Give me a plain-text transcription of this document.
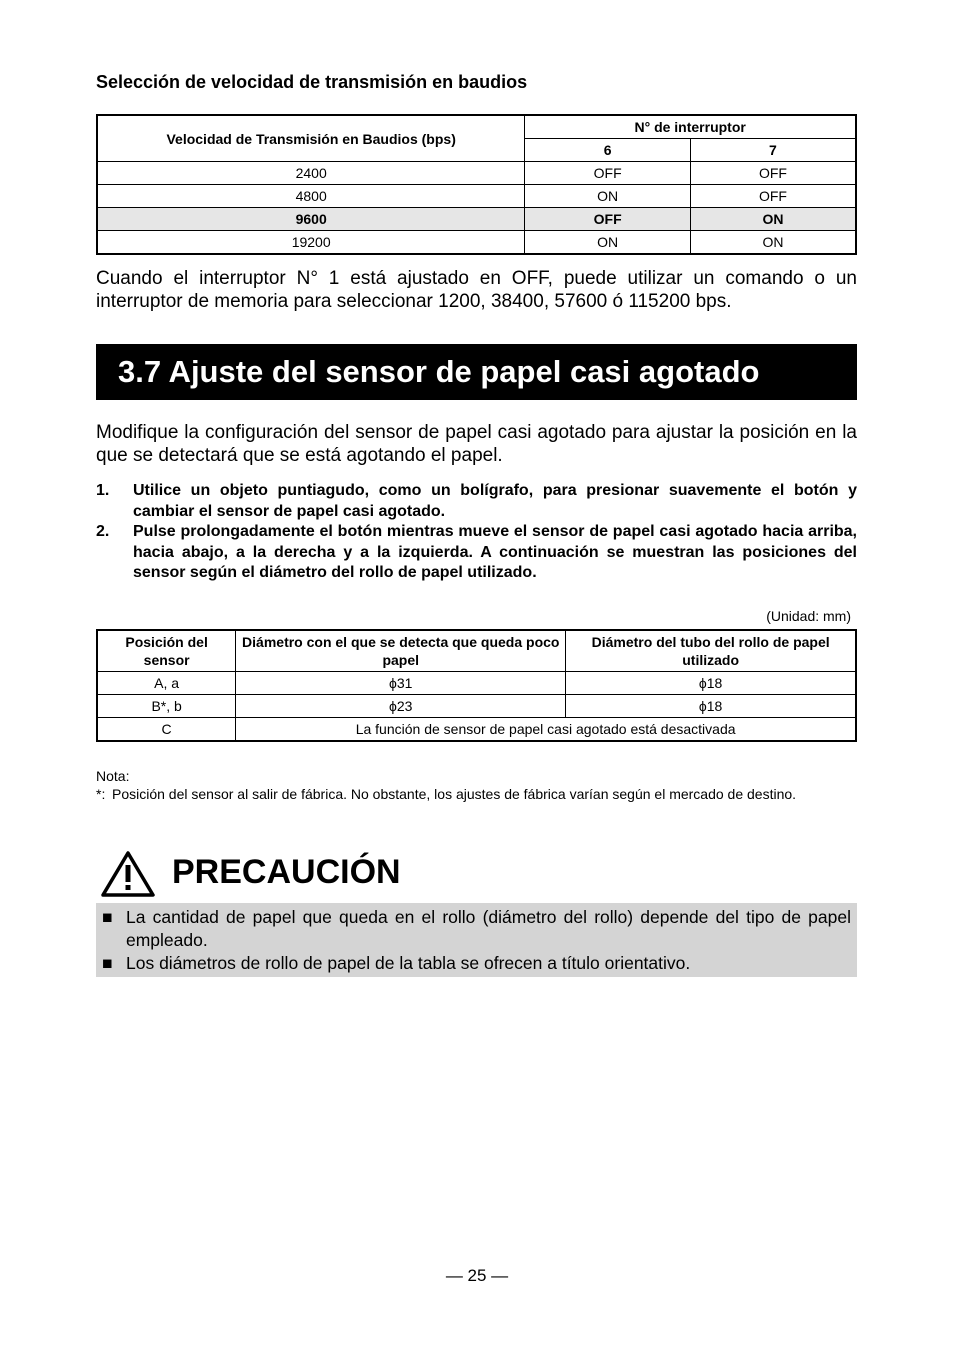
Selección de velocidad de transmisión en baudios
Velocidad de Transmisión en Baudios (bps)	N° de interruptor	
	6	7
2400	OFF	OFF
4800	ON	OFF
9600	OFF	ON
19200	ON	ON
Cuando el interruptor N° 1 está ajustado en OFF, puede utilizar un comando o un interruptor de memoria para seleccionar 1200, 38400, 57600 ó 115200 bps.
3.7 Ajuste del sensor de papel casi agotado
Modifique la configuración del sensor de papel casi agotado para ajustar la posición en la que se detectará que se está agotando el papel.
1.	Utilice un objeto puntiagudo, como un bolígrafo, para presionar suavemente el botón y cambiar el sensor de papel casi agotado.
2.	Pulse prolongadamente el botón mientras mueve el sensor de papel casi agotado hacia arriba, hacia abajo, a la derecha y a la izquierda. A continuación se muestran las posiciones del sensor según el diámetro del rollo de papel utilizado.
(Unidad: mm)
Posición del sensor	Diámetro con el que se detecta que queda poco papel	Diámetro del tubo del rollo de papel utilizado
A, a	ϕ31	ϕ18
B*, b	ϕ23	ϕ18
C	La función de sensor de papel casi agotado está desactivada	
Nota:
*: Posición del sensor al salir de fábrica. No obstante, los ajustes de fábrica varían según el mercado de destino.
PRECAUCIÓN
■ La cantidad de papel que queda en el rollo (diámetro del rollo) depende del tipo de papel empleado.
■ Los diámetros de rollo de papel de la tabla se ofrecen a título orientativo.
— 25 —
